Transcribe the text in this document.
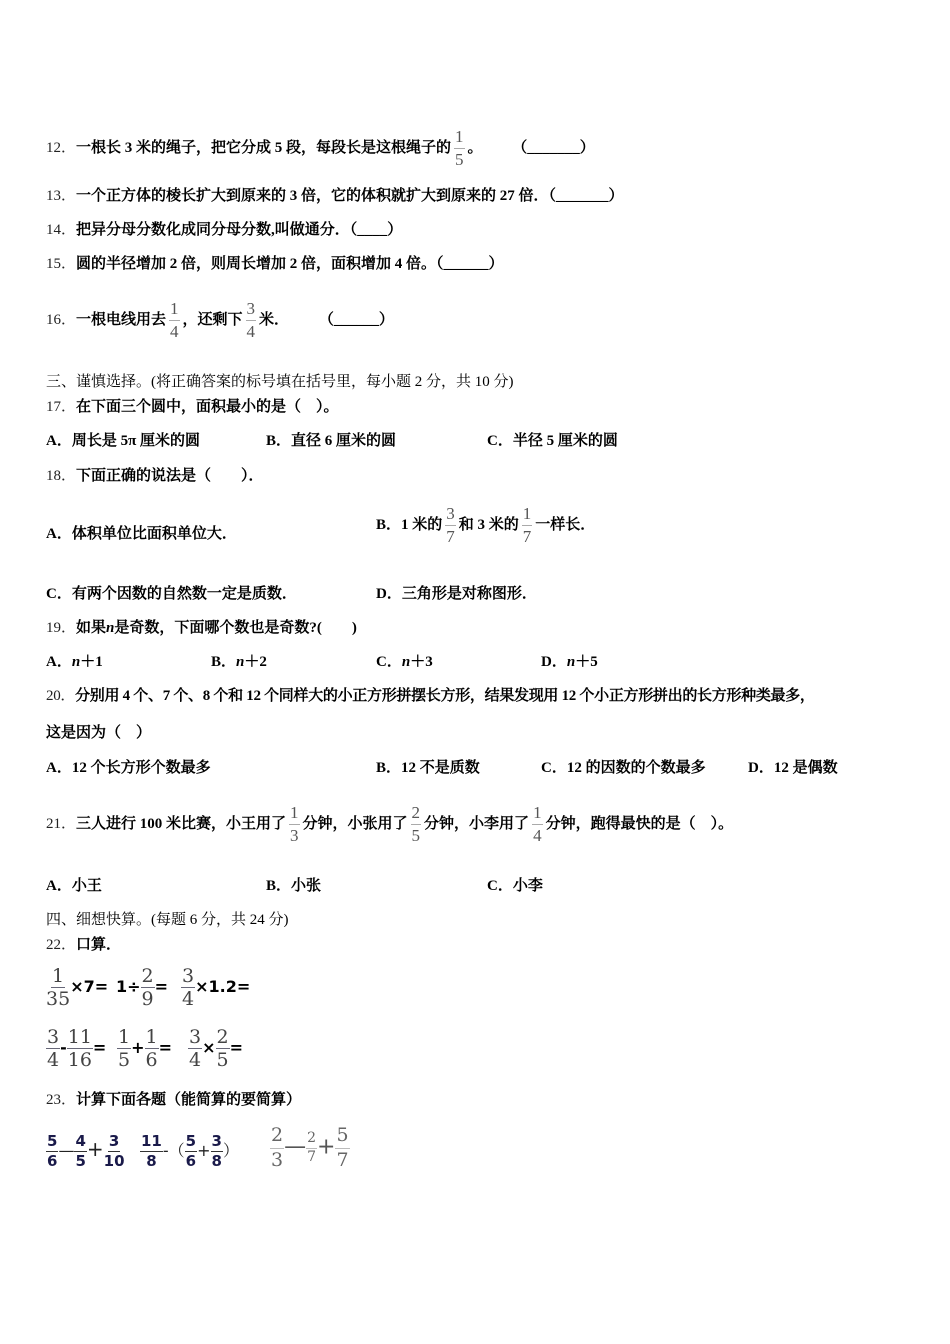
12．一根长 3 米的绳子，把它分成 5 段，每段长是这根绳子的 $\frac{1}{5}$ 。 （_______）
13．一个正方体的棱长扩大到原来的 3 倍，它的体积就扩大到原来的 27 倍．（_______）
14．把异分母分数化成同分母分数,叫做通分．（____）
15．圆的半径增加 2 倍，则周长增加 2 倍，面积增加 4 倍。（______）
16．一根电线用去 $\frac{1}{4}$ ，还剩下 $\frac{3}{4}$ 米． （______）
三、谨慎选择。(将正确答案的标号填在括号里，每小题 2 分，共 10 分)
17．在下面三个圆中，面积最小的是（　）。
A．周长是 5π 厘米的圆	B．直径 6 厘米的圆	C．半径 5 厘米的圆
18．下面正确的说法是（　　）．
A．体积单位比面积单位大．
B．1 米的 $\frac{3}{7}$ 和 3 米的 $\frac{1}{7}$ 一样长．
C．有两个因数的自然数一定是质数．	D．三角形是对称图形．
19．如果n是奇数，下面哪个数也是奇数?(　　)
A．n＋1	B．n＋2	C．n＋3	D．n＋5
20．分别用 4 个、7 个、8 个和 12 个同样大的小正方形拼摆长方形，结果发现用 12 个小正方形拼出的长方形种类最多，
这是因为（　）
A．12 个长方形个数最多	B．12 不是质数	C．12 的因数的个数最多	D．12 是偶数
21．三人进行 100 米比赛，小王用了 $\frac{1}{3}$ 分钟，小张用了 $\frac{2}{5}$ 分钟，小李用了 $\frac{1}{4}$ 分钟，跑得最快的是（　）。
A．小王	B．小张	C．小李
四、细想快算。(每题 6 分，共 24 分)
22．口算．
$\frac{1}{35} \times 7= 1\div \frac{2}{9} = \frac{3}{4} \times 1.2=$
$\frac{3}{4} - \frac{11}{16} = \frac{1}{5} + \frac{1}{6} = \frac{3}{4} \times \frac{2}{5}$ =
23．计算下面各题（能简算的要简算）
$\frac{5}{6}$ — $\frac{4}{5} + \frac{3}{10} \frac{11}{8}$ -（ $\frac{5}{6} + \frac{3}{8}$ ） $\frac{2}{3}$ — $\frac{2}{7} + \frac{5}{7}$
